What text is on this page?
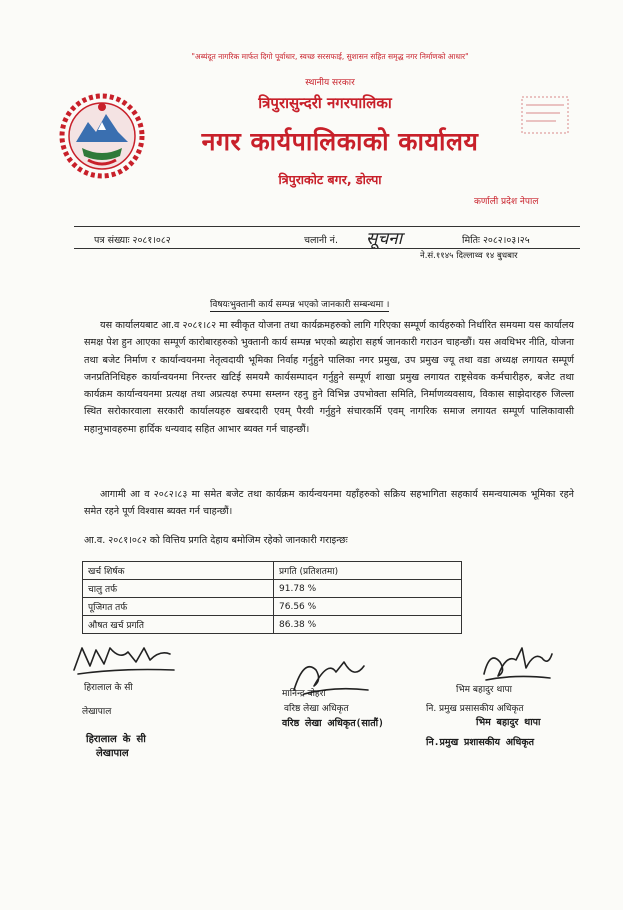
"अब्यंदूत नागरिक मार्फत दिगो पूर्वाधार, स्वच्छ सरसफाई, सुशासन सहित समृद्ध नगर निर्माणको आधार"
स्थानीय सरकार
त्रिपुरासुन्दरी नगरपालिका
नगर कार्यपालिकाको कार्यालय
त्रिपुराकोट बगर, डोल्पा
कर्णाली प्रदेश नेपाल
पत्र संख्याः २०८१।०८२	चलानी नं. सूचना	मितिः २०८२।०३।२५
ने.सं.११४५ दिल्लाथ्व १४ बुधबार
विषयःभुक्तानी कार्य सम्पन्न भएको जानकारी सम्बन्धमा ।
यस कार्यालयबाट आ.व २०८१।८२ मा स्वीकृत योजना तथा कार्यक्रमहरुको लागि गरिएका सम्पूर्ण कार्यहरुको निर्धारित समयमा यस कार्यालय समक्ष पेश हुन आएका सम्पूर्ण कारोबारहरुको भुक्तानी कार्य सम्पन्न भएको ब्यहोरा सहर्ष जानकारी गराउन चाहन्छौं। यस अवधिभर नीति, योजना तथा बजेट निर्माण र कार्यान्वयनमा नेतृत्वदायी भूमिका निर्वाह गर्नुहुने पालिका नगर प्रमुख, उप प्रमुख ज्यू तथा वडा अध्यक्ष लगायत सम्पूर्ण जनप्रतिनिधिहरु कार्यान्वयनमा निरन्तर खटिई समयमै कार्यसम्पादन गर्नुहुने सम्पूर्ण शाखा प्रमुख लगायत राष्ट्रसेवक कर्मचारीहरु, बजेट तथा कार्यक्रम कार्यान्वयनमा प्रत्यक्ष तथा अप्रत्यक्ष रुपमा सम्लग्न रहनु हुने विभिन्न उपभोक्ता समिति, निर्माणव्यवसाय, विकास साझेदारहरु जिल्ला स्थित सरोकारवाला सरकारी कार्यालयहरु खबरदारी एवम् पैरवी गर्नुहुने संचारकर्मि एवम् नागरिक समाज लगायत सम्पूर्ण पालिकावासी महानुभावहरुमा हार्दिक धन्यवाद सहित आभार ब्यक्त गर्न चाहन्छौं।
आगामी आ व २०८२।८३ मा समेत बजेट तथा कार्यक्रम कार्यन्वयनमा यहाँहरुको सक्रिय सहभागिता सहकार्य समन्वयात्मक भूमिका रहने समेत रहने पूर्ण विश्वास ब्यक्त गर्न चाहन्छौं।
आ.व. २०८१।०८२ को वित्तिय प्रगति देहाय बमोजिम रहेको जानकारी गराइन्छः
खर्च शिर्षक	प्रगति (प्रतिशतमा)
चालु तर्फ	91.78 %
पूजिगत तर्फ	76.56 %
औषत खर्च प्रगति	86.38 %
हिरालाल के सी
लेखापाल
हिरालाल के सी
लेखापाल
मानिन्द्र बोहरा
वरिष्ठ लेखा अधिकृत
वरिष्ठ लेखा अधिकृत(सातौं)
भिम बहादुर थापा
नि. प्रमुख प्रसासकीय अधिकृत
भिम बहादुर थापा
नि.प्रमुख प्रशासकीय अधिकृत
